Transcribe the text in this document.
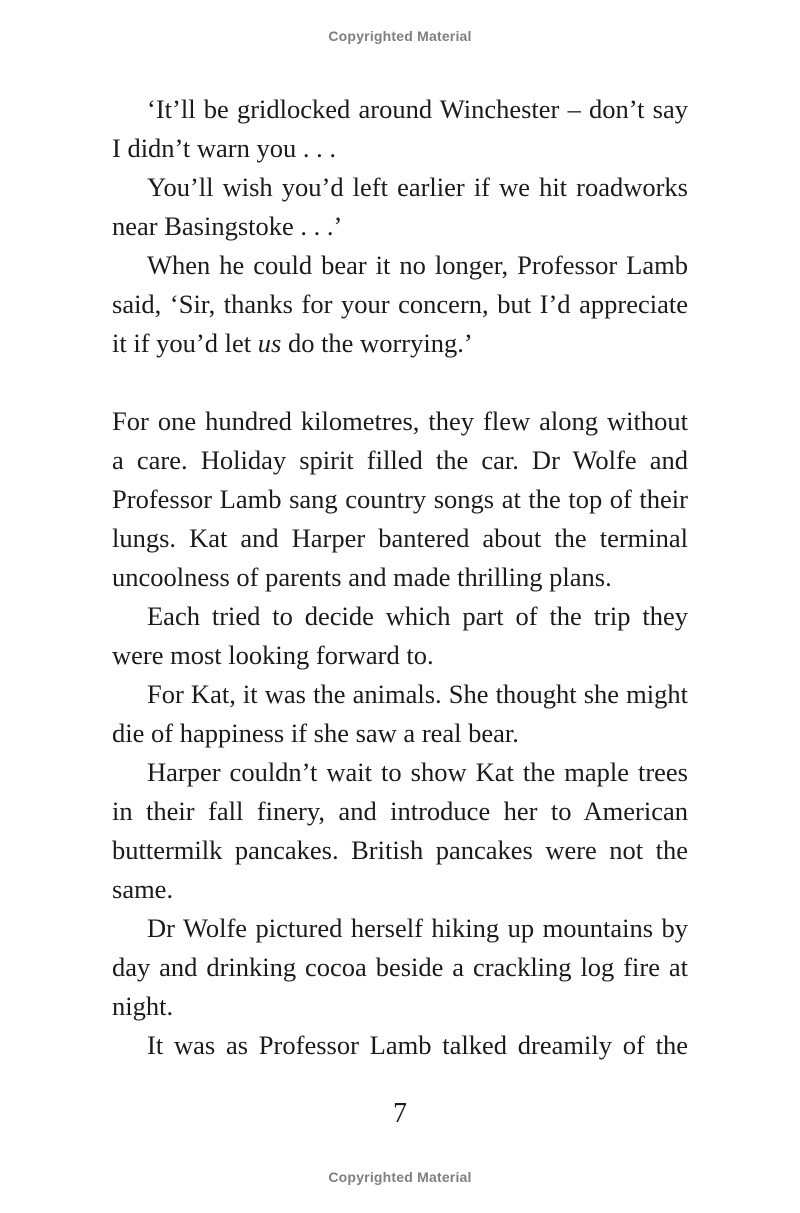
Copyrighted Material
‘It’ll be gridlocked around Winchester – don’t say
I didn’t warn you . . .
You’ll wish you’d left earlier if we hit roadworks
near Basingstoke . . .’
When he could bear it no longer, Professor Lamb
said, ‘Sir, thanks for your concern, but I’d appreciate
it if you’d let us do the worrying.’
For one hundred kilometres, they flew along without
a care. Holiday spirit filled the car. Dr Wolfe and
Professor Lamb sang country songs at the top of their
lungs. Kat and Harper bantered about the terminal
uncoolness of parents and made thrilling plans.
Each tried to decide which part of the trip they
were most looking forward to.
For Kat, it was the animals. She thought she might
die of happiness if she saw a real bear.
Harper couldn’t wait to show Kat the maple trees
in their fall finery, and introduce her to American
buttermilk pancakes. British pancakes were not the
same.
Dr Wolfe pictured herself hiking up mountains by
day and drinking cocoa beside a crackling log fire at
night.
It was as Professor Lamb talked dreamily of the
7
Copyrighted Material
